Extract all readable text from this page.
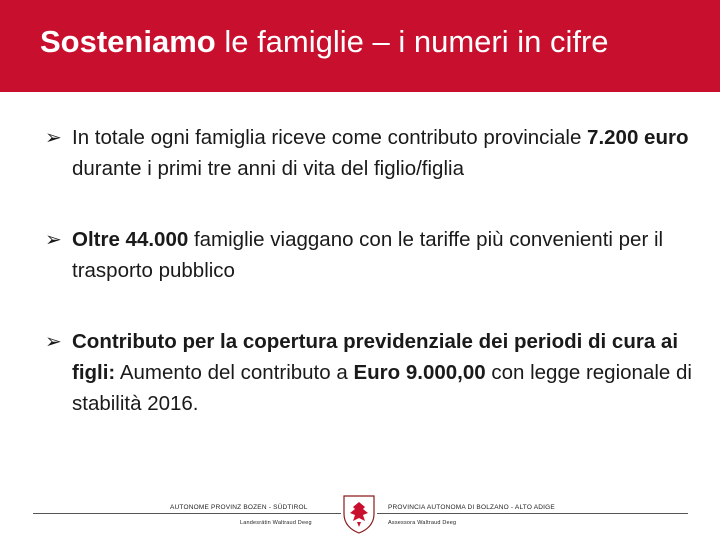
Sosteniamo le famiglie – i numeri in cifre
➢ In totale ogni famiglia riceve come contributo provinciale 7.200 euro durante i primi tre anni di vita del figlio/figlia
➢ Oltre 44.000 famiglie viaggano con le tariffe più convenienti per il trasporto pubblico
➢ Contributo per la copertura previdenziale dei periodi di cura ai figli: Aumento del contributo a Euro 9.000,00 con legge regionale di stabilità 2016.
AUTONOME PROVINZ BOZEN - SÜDTIROL
Landesrätin Waltraud Deeg
PROVINCIA AUTONOMA DI BOLZANO - ALTO ADIGE
Assessora Waltraud Deeg
